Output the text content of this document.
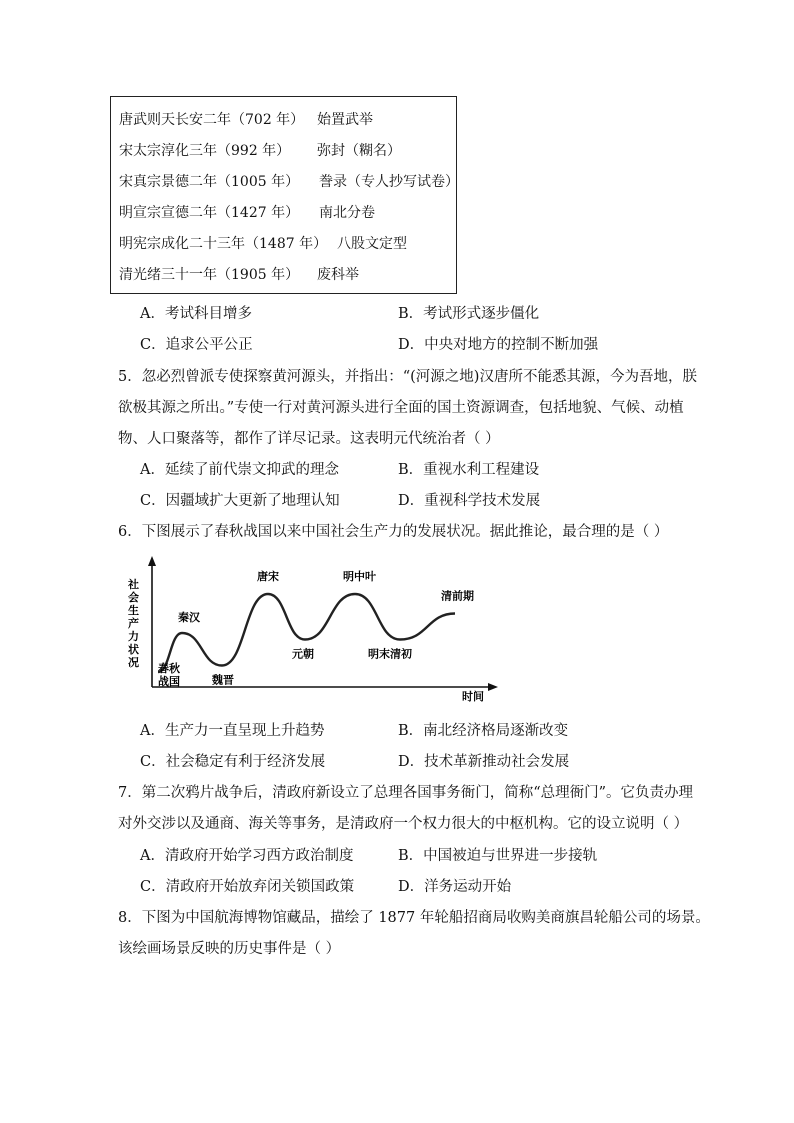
唐武则天长安二年（702 年） 始置武举
宋太宗淳化三年（992 年） 弥封（糊名）
宋真宗景德二年（1005 年） 誊录（专人抄写试卷）
明宣宗宣德二年（1427 年） 南北分卷
明宪宗成化二十三年（1487 年） 八股文定型
清光绪三十一年（1905 年） 废科举
A．考试科目增多	B．考试形式逐步僵化
C．追求公平公正	D．中央对地方的控制不断加强
5．忽必烈曾派专使探察黄河源头，并指出：“(河源之地)汉唐所不能悉其源，今为吾地，朕
欲极其源之所出。”专使一行对黄河源头进行全面的国土资源调查，包括地貌、气候、动植
物、人口聚落等，都作了详尽记录。这表明元代统治者（ ）
A．延续了前代崇文抑武的理念	B．重视水利工程建设
C．因疆域扩大更新了地理认知	D．重视科学技术发展
6．下图展示了春秋战国以来中国社会生产力的发展状况。据此推论，最合理的是（ ）
时间
社
会
生
产
力
状
况 春秋战国
秦汉
魏晋
唐宋
元朝
明中叶
明末清初
清前期
A．生产力一直呈现上升趋势	B．南北经济格局逐渐改变
C．社会稳定有利于经济发展	D．技术革新推动社会发展
7．第二次鸦片战争后，清政府新设立了总理各国事务衙门，简称“总理衙门”。它负责办理
对外交涉以及通商、海关等事务，是清政府一个权力很大的中枢机构。它的设立说明（ ）
A．清政府开始学习西方政治制度	B．中国被迫与世界进一步接轨
C．清政府开始放弃闭关锁国政策	D．洋务运动开始
8．下图为中国航海博物馆藏品，描绘了 1877 年轮船招商局收购美商旗昌轮船公司的场景。
该绘画场景反映的历史事件是（ ）
